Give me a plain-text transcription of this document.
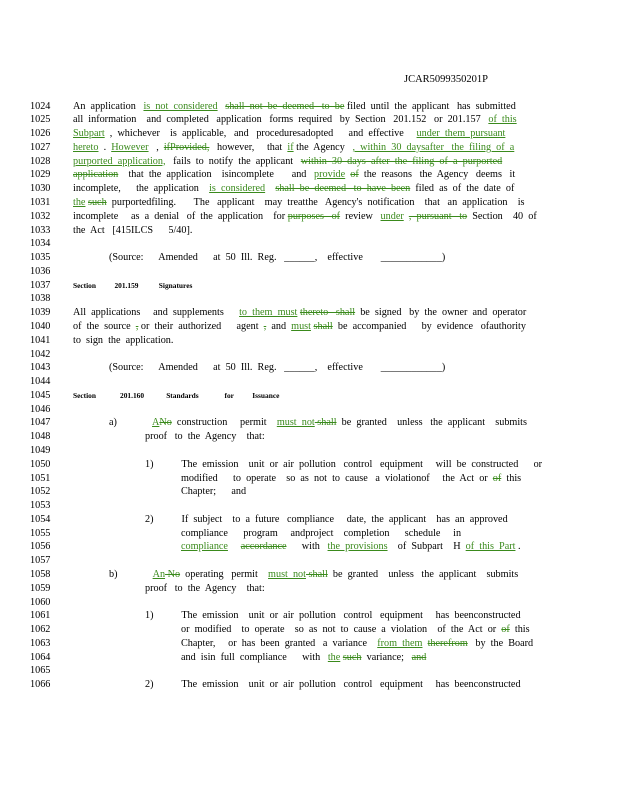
JCAR5099350201P
1024	An  application   is  not  considered shall  not  be  deemed   to  be filed  until  the  applicant   has  submitted
1025	all  information    and  completed   application   forms  required   by  Section   201.152   or  201.157   of  this
1026	Subpart  ,  whichever    is  applicable,   and   proceduresadopted      and  effective     under  them  pursuant
1027	hereto  .  However   ,  ifProvided,   however,     that  if the  Agency   ,  within  30  daysafter   the  filing  of  a
1028	purported  application,   fails  to  notify  the  applicant   within  30  days  after  the  filing  of  a  purported
1029	application    that  the  application    isincomplete       and   provide of  the  reasons   the  Agency   deems   it
1030	incomplete,      the  application    is  considered shall  be  deemed   to  have  been  filed  as  of  the  date  of
1031	the such  purportedfiling.       The   applicant    may  treatthe   Agency's  notification    that   an  application    is
1032	incomplete     as  a  denial   of  the  application    for purposes   of  review   under ,  pursuant   to  Section    40  of
1033	the  Act   [415ILCS      5/40].
1034
1035	(Source:      Amended      at  50  Ill.  Reg.   ______,    effective       ____________)
1036
1037	Section          201.159           Signatures
1038
1039	All  applications     and  supplements      to  them  must thereto   shall  be  signed   by  the  owner  and  operator
1040	of  the  source  , or  their  authorized      agent  ,  and  must shall  be  accompanied      by  evidence   ofauthority
1041	to  sign  the  application.
1042
1043	(Source:      Amended      at  50  Ill.  Reg.   ______,    effective       ____________)
1044
1045	Section             201.160            Standards              for          Issuance
1046
1047	a)              ANo  construction     permit    must  not shall  be  granted    unless   the  applicant    submits
1048	proof   to  the  Agency    that:
1049
1050	1)           The  emission    unit  or  air  pollution   control   equipment     will  be  constructed      or
1051	modified      to  operate    so  as  not  to  cause   a  violationof     the  Act  or  of  this
1052	Chapter;      and
1053
1054	2)           If  subject    to  a  future   compliance     date,  the  applicant    has  an  approved
1055	compliance      program     andproject    completion      schedule     in
1056	compliance accordance      with   the  provisions    of  Subpart    H  of  this  Part .
1057
1058	b)              An No  operating   permit    must  not shall  be  granted    unless   the  applicant    submits
1059	proof   to  the  Agency    that:
1060
1061	1)           The  emission    unit  or  air  pollution   control   equipment     has  beenconstructed
1062	or  modified    to  operate    so  as  not  to  cause  a  violation    of  the  Act  or  of  this
1063	Chapter,     or  has  been  granted   a  variance    from  them therefrom   by  the  Board
1064	and  isin  full  compliance      with   the such  variance;   and
1065
1066	2)           The  emission    unit  or  air  pollution   control   equipment     has  beenconstructed
